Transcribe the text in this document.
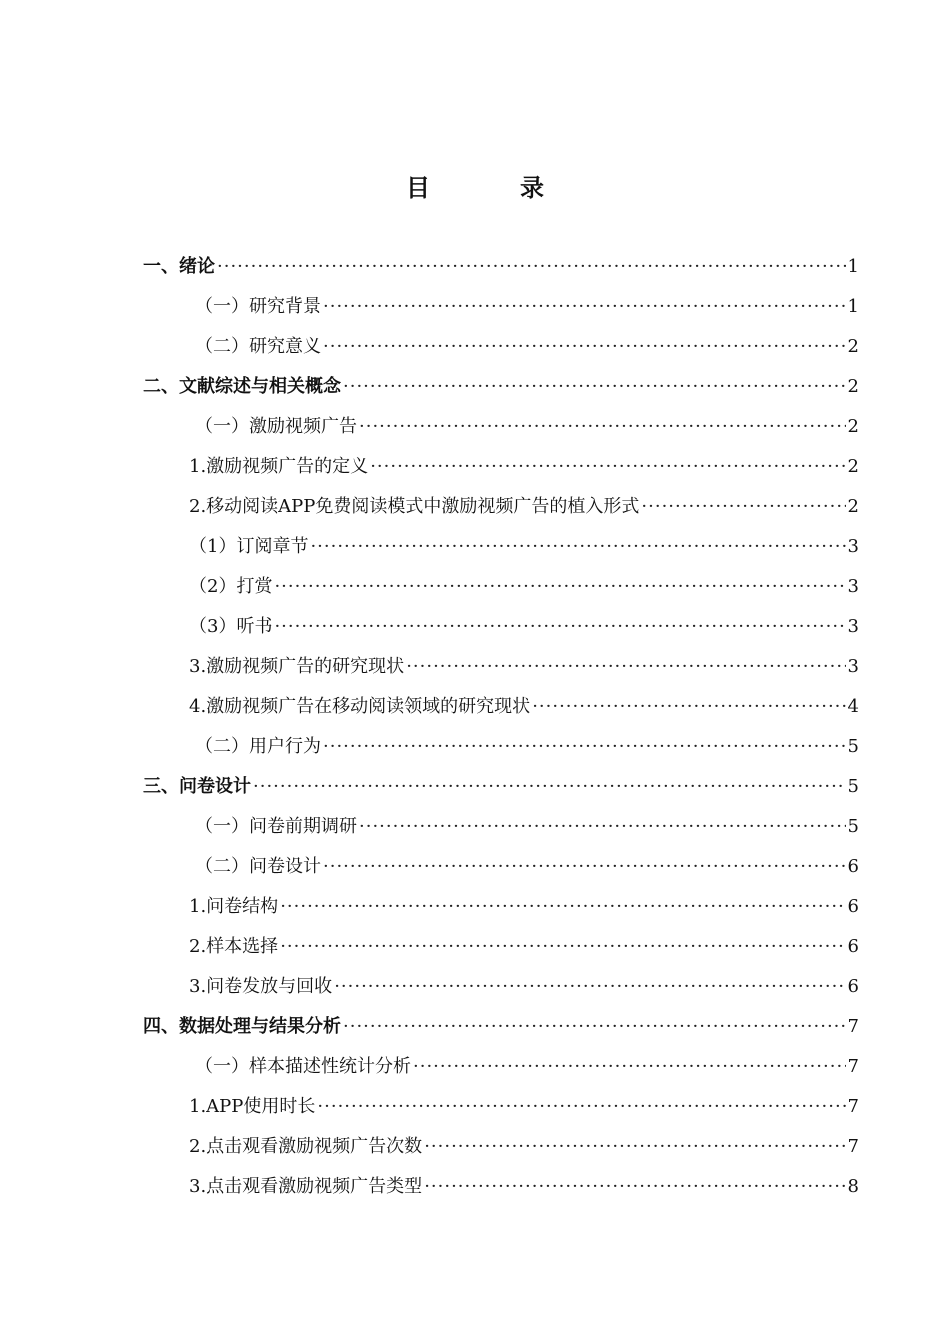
目	录
一、绪论 ·····	1
（一）研究背景 ·····	1
（二）研究意义 ·····	2
二、文献综述与相关概念 ·····	2
（一）激励视频广告 ·····	2
1.激励视频广告的定义 ·····	2
2.移动阅读APP免费阅读模式中激励视频广告的植入形式 ·····	2
（1）订阅章节 ·····	3
（2）打赏 ·····	3
（3）听书 ·····	3
3.激励视频广告的研究现状 ·····	3
4.激励视频广告在移动阅读领域的研究现状 ·····	4
（二）用户行为 ·····	5
三、问卷设计 ·····	5
（一）问卷前期调研 ·····	5
（二）问卷设计 ·····	6
1.问卷结构 ·····	6
2.样本选择 ·····	6
3.问卷发放与回收 ·····	6
四、数据处理与结果分析 ·····	7
（一）样本描述性统计分析 ·····	7
1.APP使用时长 ·····	7
2.点击观看激励视频广告次数 ·····	7
3.点击观看激励视频广告类型 ·····	8
